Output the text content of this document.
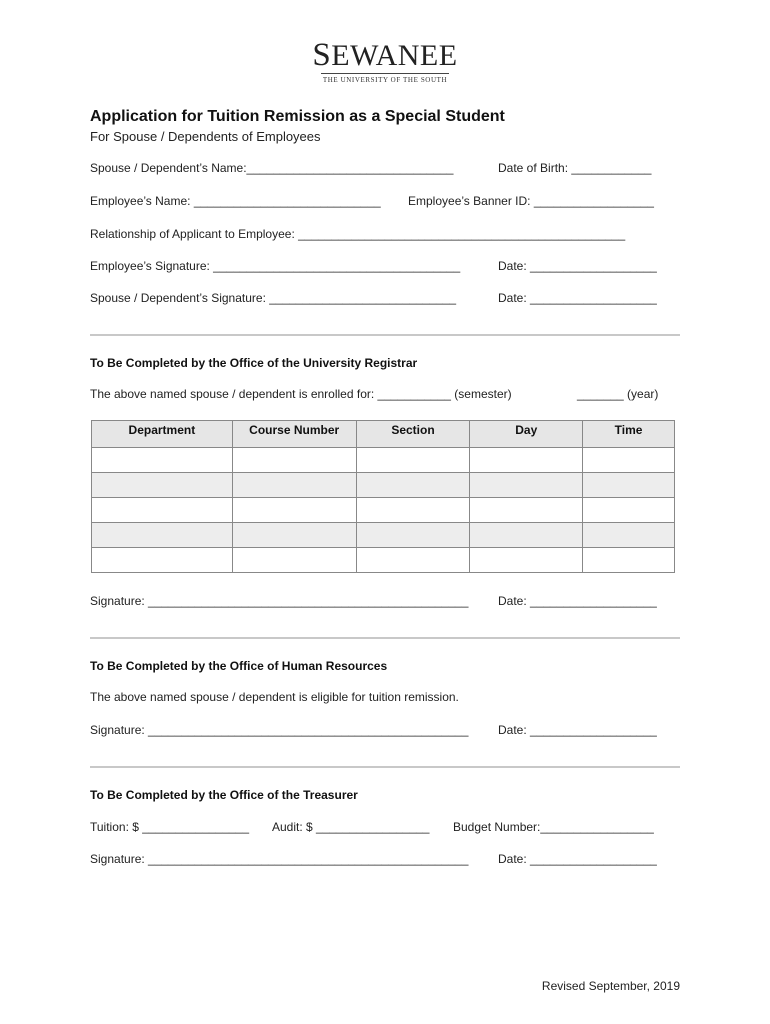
SEWANEE
THE UNIVERSITY OF THE SOUTH
Application for Tuition Remission as a Special Student
For Spouse / Dependents of Employees
Spouse / Dependent’s Name:_______________________________	Date of Birth: ____________
Employee’s Name: ____________________________ Employee’s Banner ID: __________________
Relationship of Applicant to Employee: _________________________________________________
Employee’s Signature: _____________________________________	Date: ___________________
Spouse / Dependent’s Signature: ____________________________	Date: ___________________
To Be Completed by the Office of the University Registrar
The above named spouse / dependent is enrolled for: ___________ (semester)	_______ (year)
Department	Course Number	Section	Day	Time

Signature: ________________________________________________ Date: ___________________
To Be Completed by the Office of Human Resources
The above named spouse / dependent is eligible for tuition remission.
Signature: ________________________________________________ Date: ___________________
To Be Completed by the Office of the Treasurer
Tuition: $ ________________ Audit: $ _________________ Budget Number:_________________
Signature: ________________________________________________ Date: ___________________
Revised September, 2019
